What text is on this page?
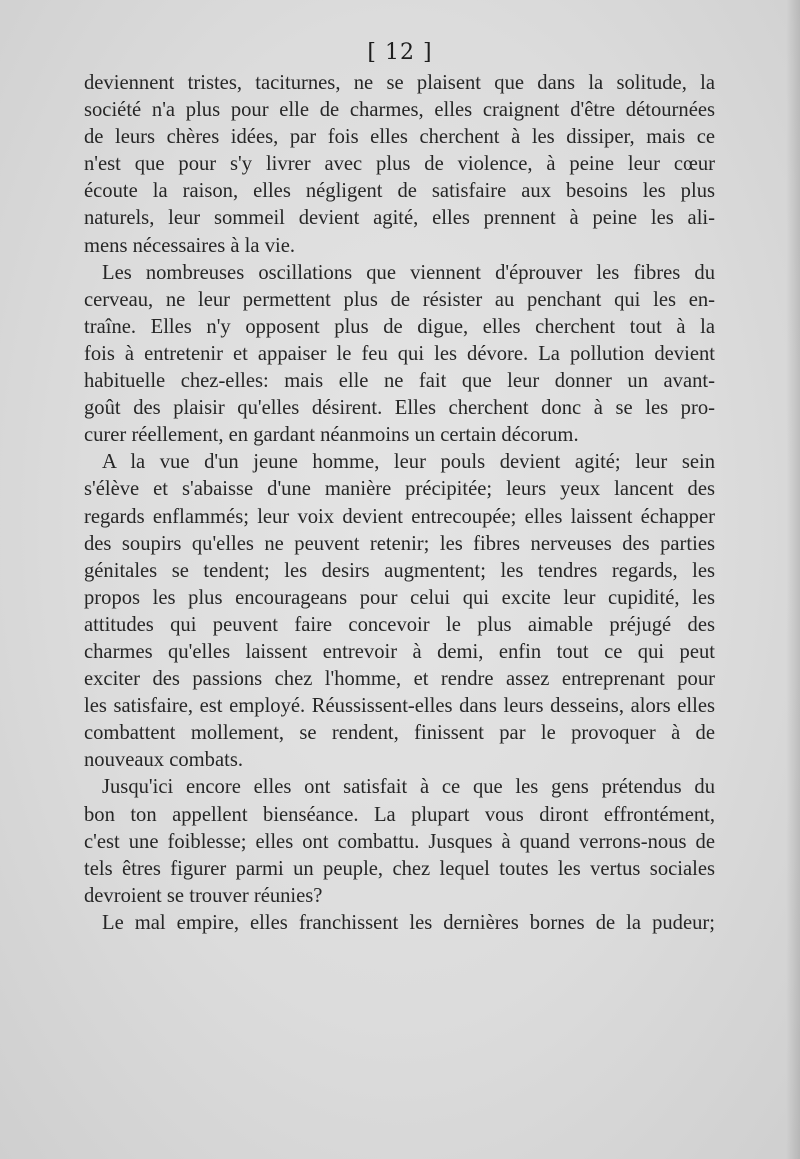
[ 12 ]
deviennent tristes, taciturnes, ne se plaisent que dans la solitude, la
société n'a plus pour elle de charmes, elles craignent d'être détournées
de leurs chères idées, par fois elles cherchent à les dissiper, mais ce
n'est que pour s'y livrer avec plus de violence, à peine leur cœur
écoute la raison, elles négligent de satisfaire aux besoins les plus
naturels, leur sommeil devient agité, elles prennent à peine les ali-
mens nécessaires à la vie.
Les nombreuses oscillations que viennent d'éprouver les fibres du
cerveau, ne leur permettent plus de résister au penchant qui les en-
traîne. Elles n'y opposent plus de digue, elles cherchent tout à la
fois à entretenir et appaiser le feu qui les dévore. La pollution devient
habituelle chez-elles: mais elle ne fait que leur donner un avant-
goût des plaisir qu'elles désirent. Elles cherchent donc à se les pro-
curer réellement, en gardant néanmoins un certain décorum.
A la vue d'un jeune homme, leur pouls devient agité; leur sein
s'élève et s'abaisse d'une manière précipitée; leurs yeux lancent des
regards enflammés; leur voix devient entrecoupée; elles laissent échapper
des soupirs qu'elles ne peuvent retenir; les fibres nerveuses des parties
génitales se tendent; les desirs augmentent; les tendres regards, les
propos les plus encourageans pour celui qui excite leur cupidité, les
attitudes qui peuvent faire concevoir le plus aimable préjugé des
charmes qu'elles laissent entrevoir à demi, enfin tout ce qui peut
exciter des passions chez l'homme, et rendre assez entreprenant pour
les satisfaire, est employé. Réussissent-elles dans leurs desseins, alors elles
combattent mollement, se rendent, finissent par le provoquer à de
nouveaux combats.
Jusqu'ici encore elles ont satisfait à ce que les gens prétendus du
bon ton appellent bienséance. La plupart vous diront effrontément,
c'est une foiblesse; elles ont combattu. Jusques à quand verrons-nous de
tels êtres figurer parmi un peuple, chez lequel toutes les vertus sociales
devroient se trouver réunies?
Le mal empire, elles franchissent les dernières bornes de la pudeur;
